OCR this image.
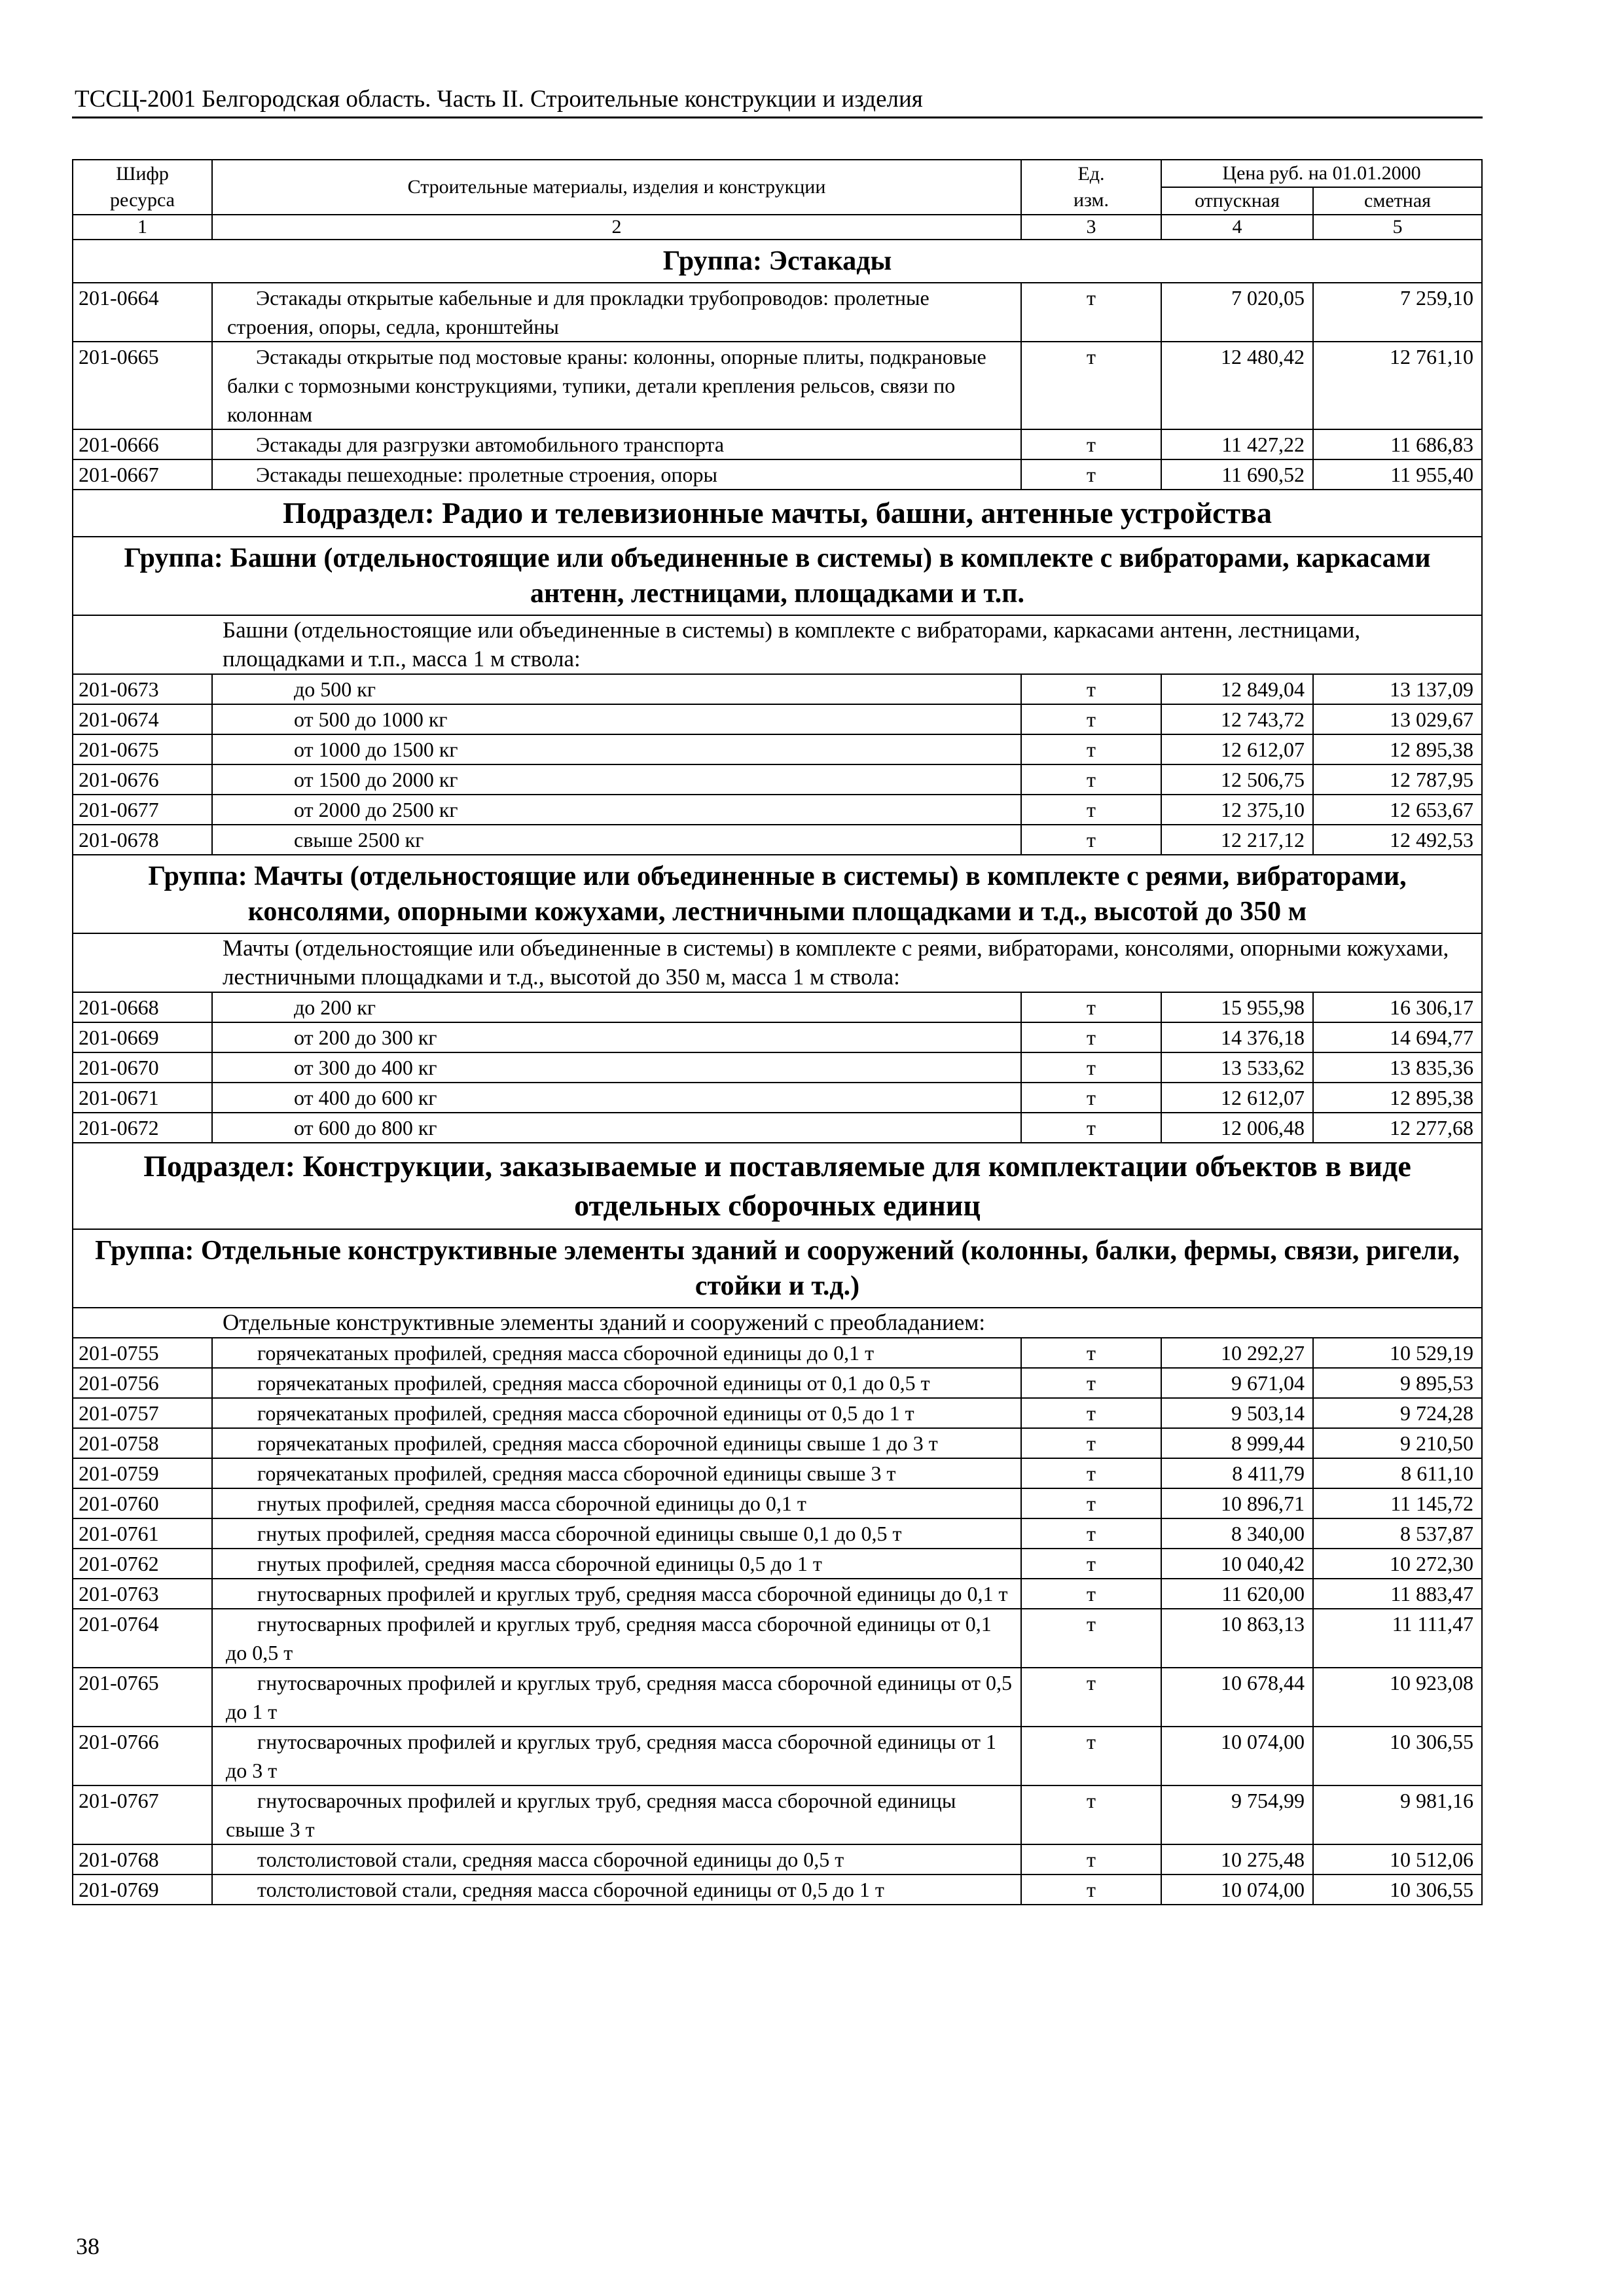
ТССЦ-2001 Белгородская область. Часть II. Строительные конструкции и изделия
Шифр
ресурса	Строительные материалы, изделия и конструкции	Ед.
изм.	Цена руб. на 01.01.2000	
			отпускная	сметная
1	2	3	4	5
Группа: Эстакады				
201-0664	Эстакады открытые кабельные и для прокладки трубопроводов: пролетные строения, опоры, седла, кронштейны	т	7 020,05	7 259,10
201-0665	Эстакады открытые под мостовые краны: колонны, опорные плиты, подкрановые балки с тормозными конструкциями, тупики, детали крепления рельсов, связи по колоннам	т	12 480,42	12 761,10
201-0666	Эстакады для разгрузки автомобильного транспорта	т	11 427,22	11 686,83
201-0667	Эстакады пешеходные: пролетные строения, опоры	т	11 690,52	11 955,40
Подраздел: Радио и телевизионные мачты, башни, антенные устройства				
Группа: Башни (отдельностоящие или объединенные в системы) в комплекте с вибраторами, каркасами антенн, лестницами, площадками и т.п.				
Башни (отдельностоящие или объединенные в системы) в комплекте с вибраторами, каркасами антенн, лестницами, площадками и т.п., масса 1 м ствола:				
201-0673	до 500 кг	т	12 849,04	13 137,09
201-0674	от 500 до 1000 кг	т	12 743,72	13 029,67
201-0675	от 1000 до 1500 кг	т	12 612,07	12 895,38
201-0676	от 1500 до 2000 кг	т	12 506,75	12 787,95
201-0677	от 2000 до 2500 кг	т	12 375,10	12 653,67
201-0678	свыше 2500 кг	т	12 217,12	12 492,53
Группа: Мачты (отдельностоящие или объединенные в системы) в комплекте с реями, вибраторами, консолями, опорными кожухами, лестничными площадками и т.д., высотой до 350 м				
Мачты (отдельностоящие или объединенные в системы) в комплекте с реями, вибраторами, консолями, опорными кожухами, лестничными площадками и т.д., высотой до 350 м, масса 1 м ствола:				
201-0668	до 200 кг	т	15 955,98	16 306,17
201-0669	от 200 до 300 кг	т	14 376,18	14 694,77
201-0670	от 300 до 400 кг	т	13 533,62	13 835,36
201-0671	от 400 до 600 кг	т	12 612,07	12 895,38
201-0672	от 600 до 800 кг	т	12 006,48	12 277,68
Подраздел: Конструкции, заказываемые и поставляемые для комплектации объектов в виде отдельных сборочных единиц				
Группа: Отдельные конструктивные элементы зданий и сооружений (колонны, балки, фермы, связи, ригели, стойки и т.д.)				
Отдельные конструктивные элементы зданий и сооружений с преобладанием:				
201-0755	горячекатаных профилей, средняя масса сборочной единицы до 0,1 т	т	10 292,27	10 529,19
201-0756	горячекатаных профилей, средняя масса сборочной единицы от 0,1 до 0,5 т	т	9 671,04	9 895,53
201-0757	горячекатаных профилей, средняя масса сборочной единицы от 0,5 до 1 т	т	9 503,14	9 724,28
201-0758	горячекатаных профилей, средняя масса сборочной единицы свыше 1 до 3 т	т	8 999,44	9 210,50
201-0759	горячекатаных профилей, средняя масса сборочной единицы свыше 3 т	т	8 411,79	8 611,10
201-0760	гнутых профилей, средняя масса сборочной единицы до 0,1 т	т	10 896,71	11 145,72
201-0761	гнутых профилей, средняя масса сборочной единицы свыше 0,1 до 0,5 т	т	8 340,00	8 537,87
201-0762	гнутых профилей, средняя масса сборочной единицы 0,5 до 1 т	т	10 040,42	10 272,30
201-0763	гнутосварных профилей и круглых труб, средняя масса сборочной единицы до 0,1 т	т	11 620,00	11 883,47
201-0764	гнутосварных профилей и круглых труб, средняя масса сборочной единицы от 0,1 до 0,5 т	т	10 863,13	11 111,47
201-0765	гнутосварочных профилей и круглых труб, средняя масса сборочной единицы от 0,5 до 1 т	т	10 678,44	10 923,08
201-0766	гнутосварочных профилей и круглых труб, средняя масса сборочной единицы от 1 до 3 т	т	10 074,00	10 306,55
201-0767	гнутосварочных профилей и круглых труб, средняя масса сборочной единицы свыше 3 т	т	9 754,99	9 981,16
201-0768	толстолистовой стали, средняя масса сборочной единицы до 0,5 т	т	10 275,48	10 512,06
201-0769	толстолистовой стали, средняя масса сборочной единицы от 0,5 до 1 т	т	10 074,00	10 306,55
38
